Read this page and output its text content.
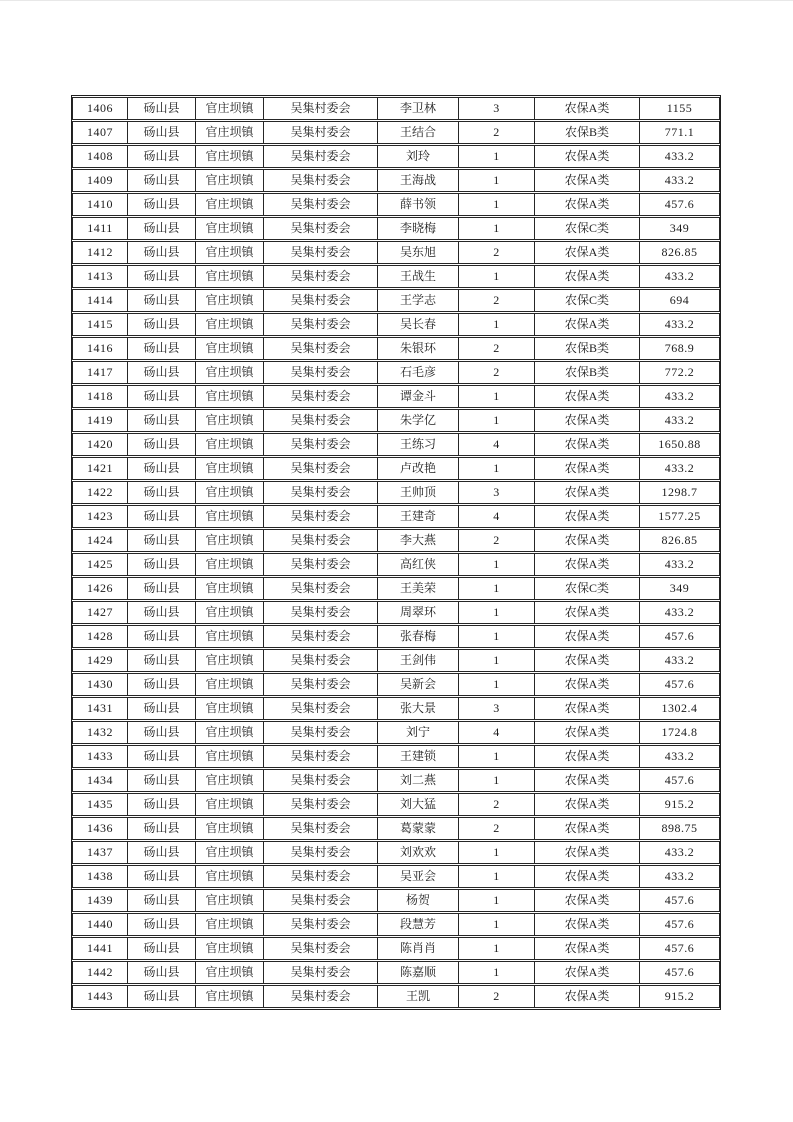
1406	砀山县	官庄坝镇	吴集村委会	李卫林	3	农保A类	1155
1407	砀山县	官庄坝镇	吴集村委会	王结合	2	农保B类	771.1
1408	砀山县	官庄坝镇	吴集村委会	刘玲	1	农保A类	433.2
1409	砀山县	官庄坝镇	吴集村委会	王海战	1	农保A类	433.2
1410	砀山县	官庄坝镇	吴集村委会	薛书领	1	农保A类	457.6
1411	砀山县	官庄坝镇	吴集村委会	李晓梅	1	农保C类	349
1412	砀山县	官庄坝镇	吴集村委会	吴东旭	2	农保A类	826.85
1413	砀山县	官庄坝镇	吴集村委会	王战生	1	农保A类	433.2
1414	砀山县	官庄坝镇	吴集村委会	王学志	2	农保C类	694
1415	砀山县	官庄坝镇	吴集村委会	吴长春	1	农保A类	433.2
1416	砀山县	官庄坝镇	吴集村委会	朱银环	2	农保B类	768.9
1417	砀山县	官庄坝镇	吴集村委会	石毛彦	2	农保B类	772.2
1418	砀山县	官庄坝镇	吴集村委会	谭金斗	1	农保A类	433.2
1419	砀山县	官庄坝镇	吴集村委会	朱学亿	1	农保A类	433.2
1420	砀山县	官庄坝镇	吴集村委会	王练习	4	农保A类	1650.88
1421	砀山县	官庄坝镇	吴集村委会	卢改艳	1	农保A类	433.2
1422	砀山县	官庄坝镇	吴集村委会	王帅顶	3	农保A类	1298.7
1423	砀山县	官庄坝镇	吴集村委会	王建奇	4	农保A类	1577.25
1424	砀山县	官庄坝镇	吴集村委会	李大燕	2	农保A类	826.85
1425	砀山县	官庄坝镇	吴集村委会	高红侠	1	农保A类	433.2
1426	砀山县	官庄坝镇	吴集村委会	王美荣	1	农保C类	349
1427	砀山县	官庄坝镇	吴集村委会	周翠环	1	农保A类	433.2
1428	砀山县	官庄坝镇	吴集村委会	张春梅	1	农保A类	457.6
1429	砀山县	官庄坝镇	吴集村委会	王剑伟	1	农保A类	433.2
1430	砀山县	官庄坝镇	吴集村委会	吴新会	1	农保A类	457.6
1431	砀山县	官庄坝镇	吴集村委会	张大景	3	农保A类	1302.4
1432	砀山县	官庄坝镇	吴集村委会	刘宁	4	农保A类	1724.8
1433	砀山县	官庄坝镇	吴集村委会	王建锁	1	农保A类	433.2
1434	砀山县	官庄坝镇	吴集村委会	刘二燕	1	农保A类	457.6
1435	砀山县	官庄坝镇	吴集村委会	刘大猛	2	农保A类	915.2
1436	砀山县	官庄坝镇	吴集村委会	葛蒙蒙	2	农保A类	898.75
1437	砀山县	官庄坝镇	吴集村委会	刘欢欢	1	农保A类	433.2
1438	砀山县	官庄坝镇	吴集村委会	吴亚会	1	农保A类	433.2
1439	砀山县	官庄坝镇	吴集村委会	杨贺	1	农保A类	457.6
1440	砀山县	官庄坝镇	吴集村委会	段慧芳	1	农保A类	457.6
1441	砀山县	官庄坝镇	吴集村委会	陈肖肖	1	农保A类	457.6
1442	砀山县	官庄坝镇	吴集村委会	陈嘉顺	1	农保A类	457.6
1443	砀山县	官庄坝镇	吴集村委会	王凯	2	农保A类	915.2
